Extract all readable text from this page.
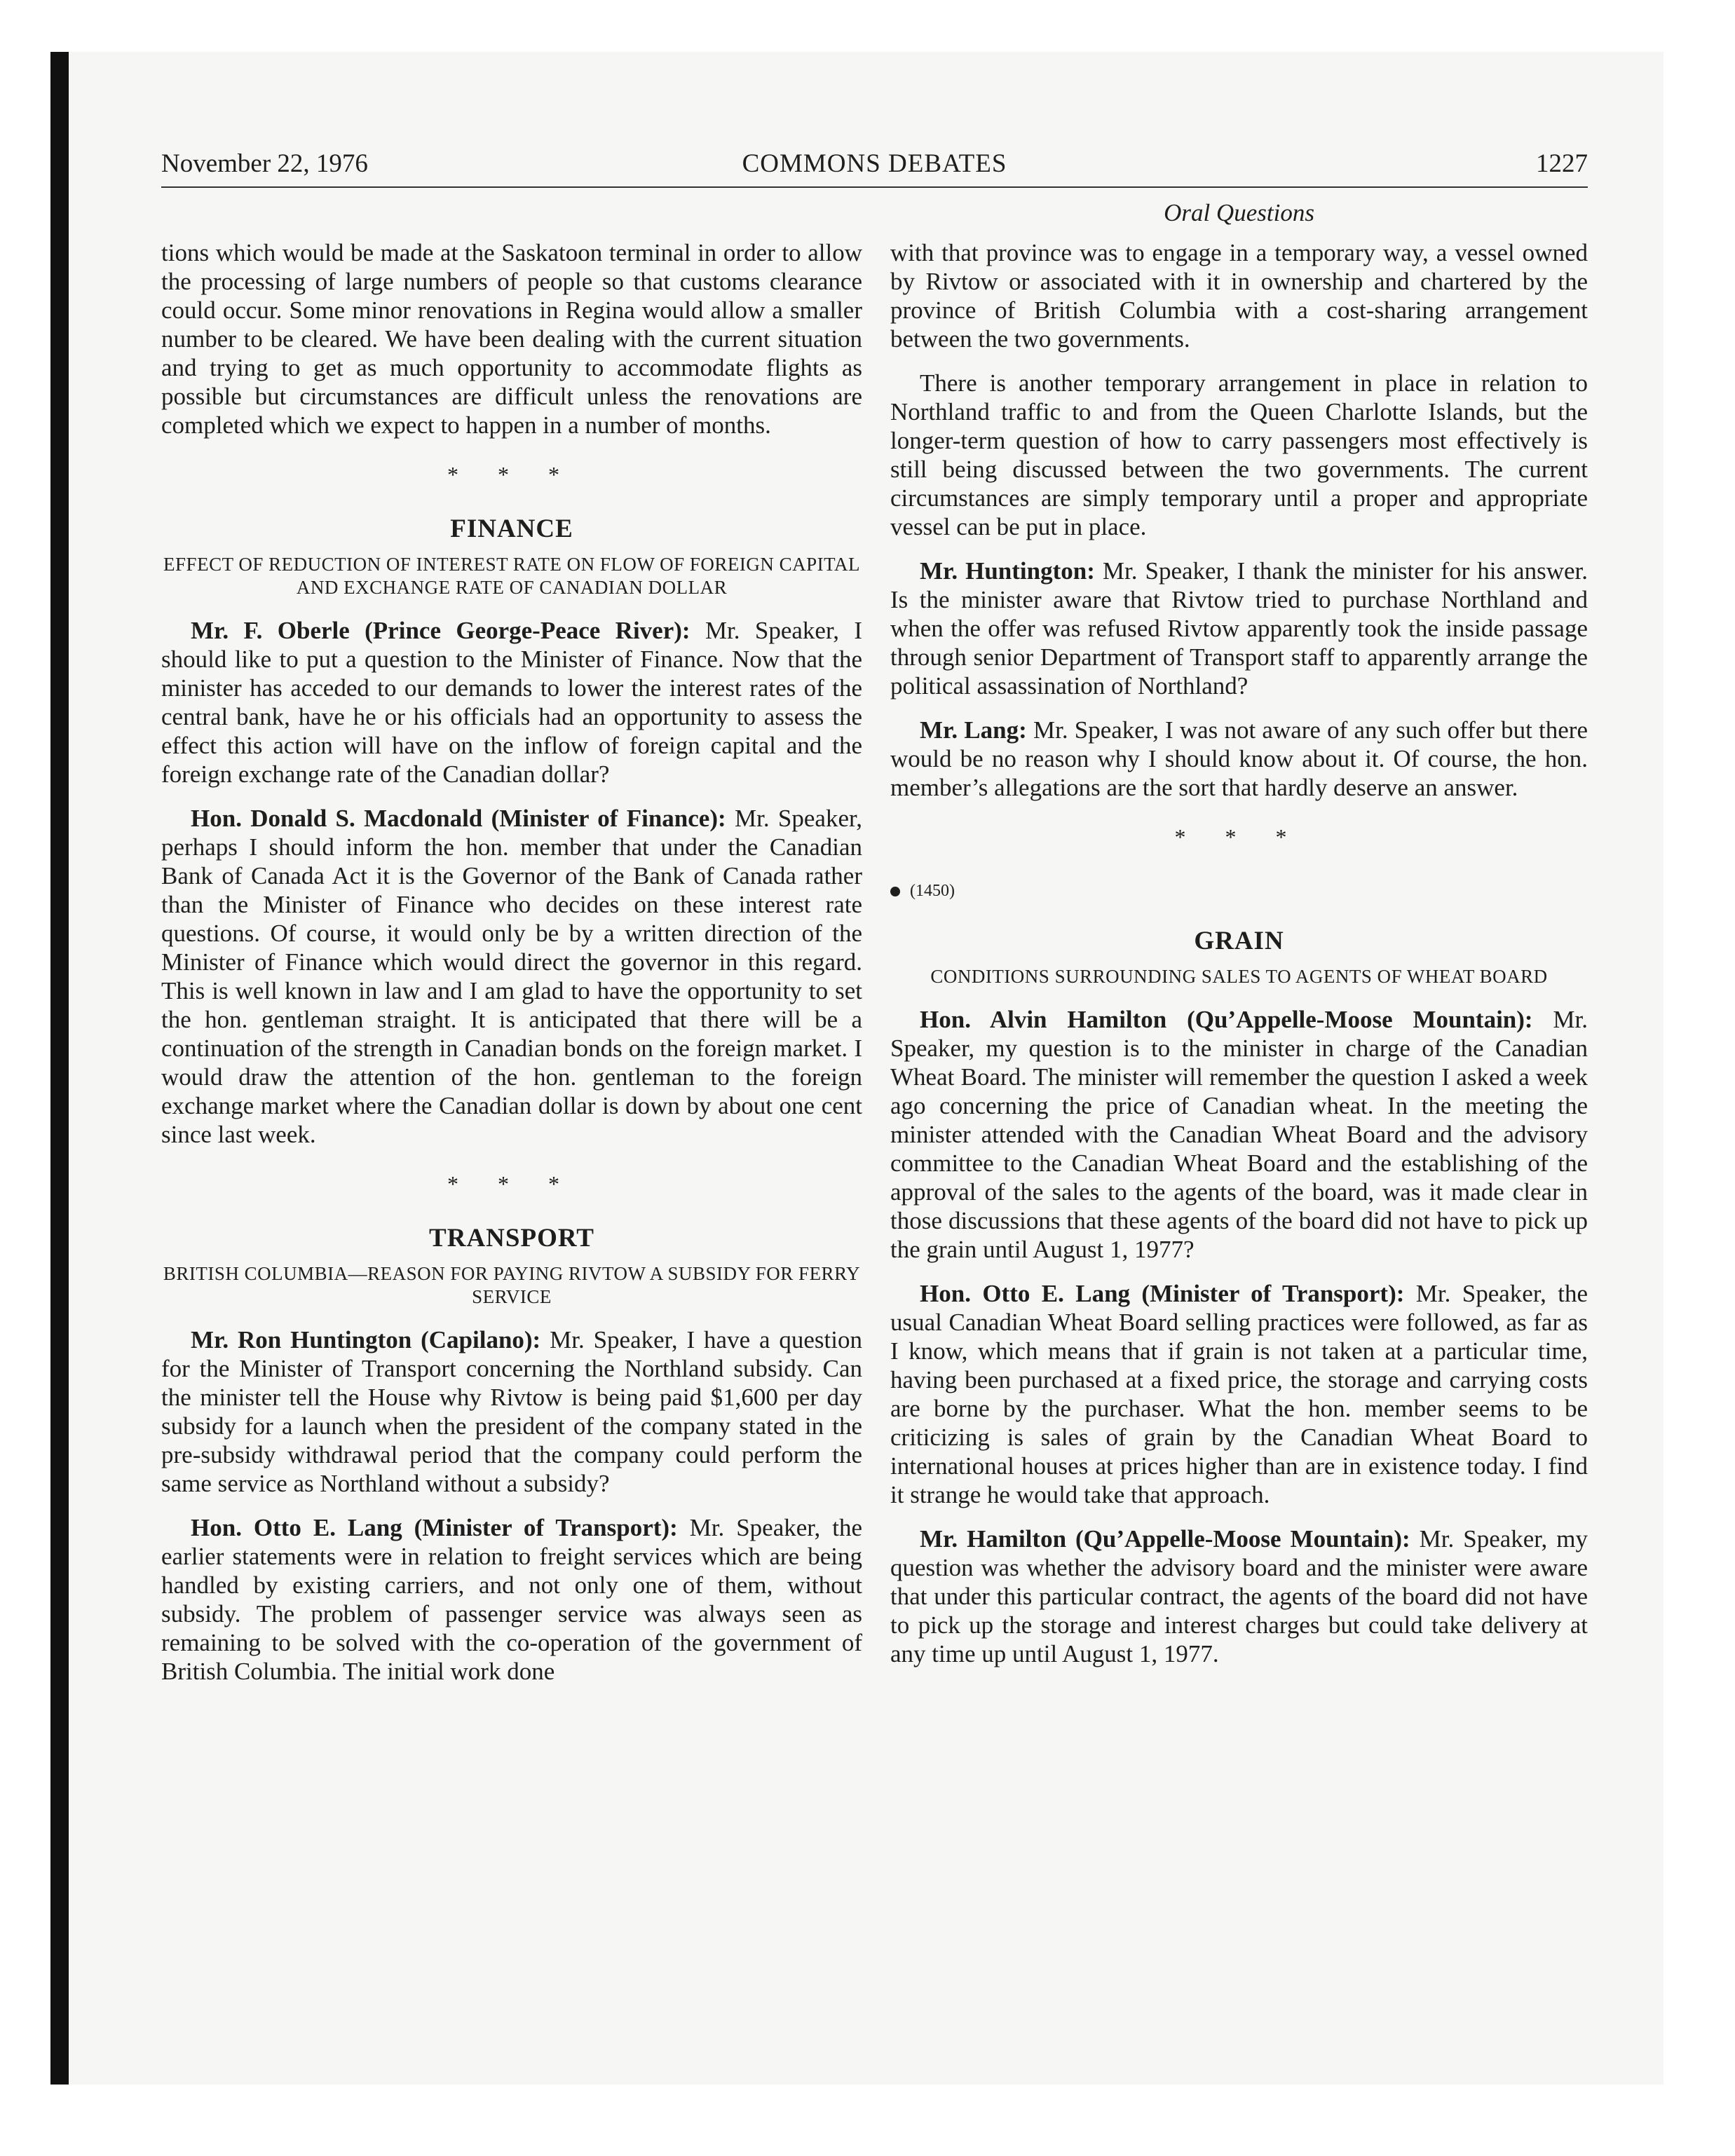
November 22, 1976	COMMONS DEBATES	1227
Oral Questions

tions which would be made at the Saskatoon terminal in order to allow the processing of large numbers of people so that customs clearance could occur. Some minor renovations in Regina would allow a smaller number to be cleared. We have been dealing with the current situation and trying to get as much opportunity to accommodate flights as possible but circumstances are difficult unless the renovations are completed which we expect to happen in a number of months.

* * *
FINANCE
EFFECT OF REDUCTION OF INTEREST RATE ON FLOW OF FOREIGN CAPITAL AND EXCHANGE RATE OF CANADIAN DOLLAR

Mr. F. Oberle (Prince George-Peace River): Mr. Speaker, I should like to put a question to the Minister of Finance. Now that the minister has acceded to our demands to lower the interest rates of the central bank, have he or his officials had an opportunity to assess the effect this action will have on the inflow of foreign capital and the foreign exchange rate of the Canadian dollar?

Hon. Donald S. Macdonald (Minister of Finance): Mr. Speaker, perhaps I should inform the hon. member that under the Canadian Bank of Canada Act it is the Governor of the Bank of Canada rather than the Minister of Finance who decides on these interest rate questions. Of course, it would only be by a written direction of the Minister of Finance which would direct the governor in this regard. This is well known in law and I am glad to have the opportunity to set the hon. gentleman straight. It is anticipated that there will be a continuation of the strength in Canadian bonds on the foreign market. I would draw the attention of the hon. gentleman to the foreign exchange market where the Canadian dollar is down by about one cent since last week.

* * *
TRANSPORT
BRITISH COLUMBIA—REASON FOR PAYING RIVTOW A SUBSIDY FOR FERRY SERVICE

Mr. Ron Huntington (Capilano): Mr. Speaker, I have a question for the Minister of Transport concerning the Northland subsidy. Can the minister tell the House why Rivtow is being paid $1,600 per day subsidy for a launch when the president of the company stated in the pre-subsidy withdrawal period that the company could perform the same service as Northland without a subsidy?

Hon. Otto E. Lang (Minister of Transport): Mr. Speaker, the earlier statements were in relation to freight services which are being handled by existing carriers, and not only one of them, without subsidy. The problem of passenger service was always seen as remaining to be solved with the co-operation of the government of British Columbia. The initial work done

with that province was to engage in a temporary way, a vessel owned by Rivtow or associated with it in ownership and chartered by the province of British Columbia with a cost-sharing arrangement between the two governments.

There is another temporary arrangement in place in relation to Northland traffic to and from the Queen Charlotte Islands, but the longer-term question of how to carry passengers most effectively is still being discussed between the two governments. The current circumstances are simply temporary until a proper and appropriate vessel can be put in place.

Mr. Huntington: Mr. Speaker, I thank the minister for his answer. Is the minister aware that Rivtow tried to purchase Northland and when the offer was refused Rivtow apparently took the inside passage through senior Department of Transport staff to apparently arrange the political assassination of Northland?

Mr. Lang: Mr. Speaker, I was not aware of any such offer but there would be no reason why I should know about it. Of course, the hon. member’s allegations are the sort that hardly deserve an answer.

* * *
(1450)
GRAIN
CONDITIONS SURROUNDING SALES TO AGENTS OF WHEAT BOARD

Hon. Alvin Hamilton (Qu’Appelle-Moose Mountain): Mr. Speaker, my question is to the minister in charge of the Canadian Wheat Board. The minister will remember the question I asked a week ago concerning the price of Canadian wheat. In the meeting the minister attended with the Canadian Wheat Board and the advisory committee to the Canadian Wheat Board and the establishing of the approval of the sales to the agents of the board, was it made clear in those discussions that these agents of the board did not have to pick up the grain until August 1, 1977?

Hon. Otto E. Lang (Minister of Transport): Mr. Speaker, the usual Canadian Wheat Board selling practices were followed, as far as I know, which means that if grain is not taken at a particular time, having been purchased at a fixed price, the storage and carrying costs are borne by the purchaser. What the hon. member seems to be criticizing is sales of grain by the Canadian Wheat Board to international houses at prices higher than are in existence today. I find it strange he would take that approach.

Mr. Hamilton (Qu’Appelle-Moose Mountain): Mr. Speaker, my question was whether the advisory board and the minister were aware that under this particular contract, the agents of the board did not have to pick up the storage and interest charges but could take delivery at any time up until August 1, 1977.
